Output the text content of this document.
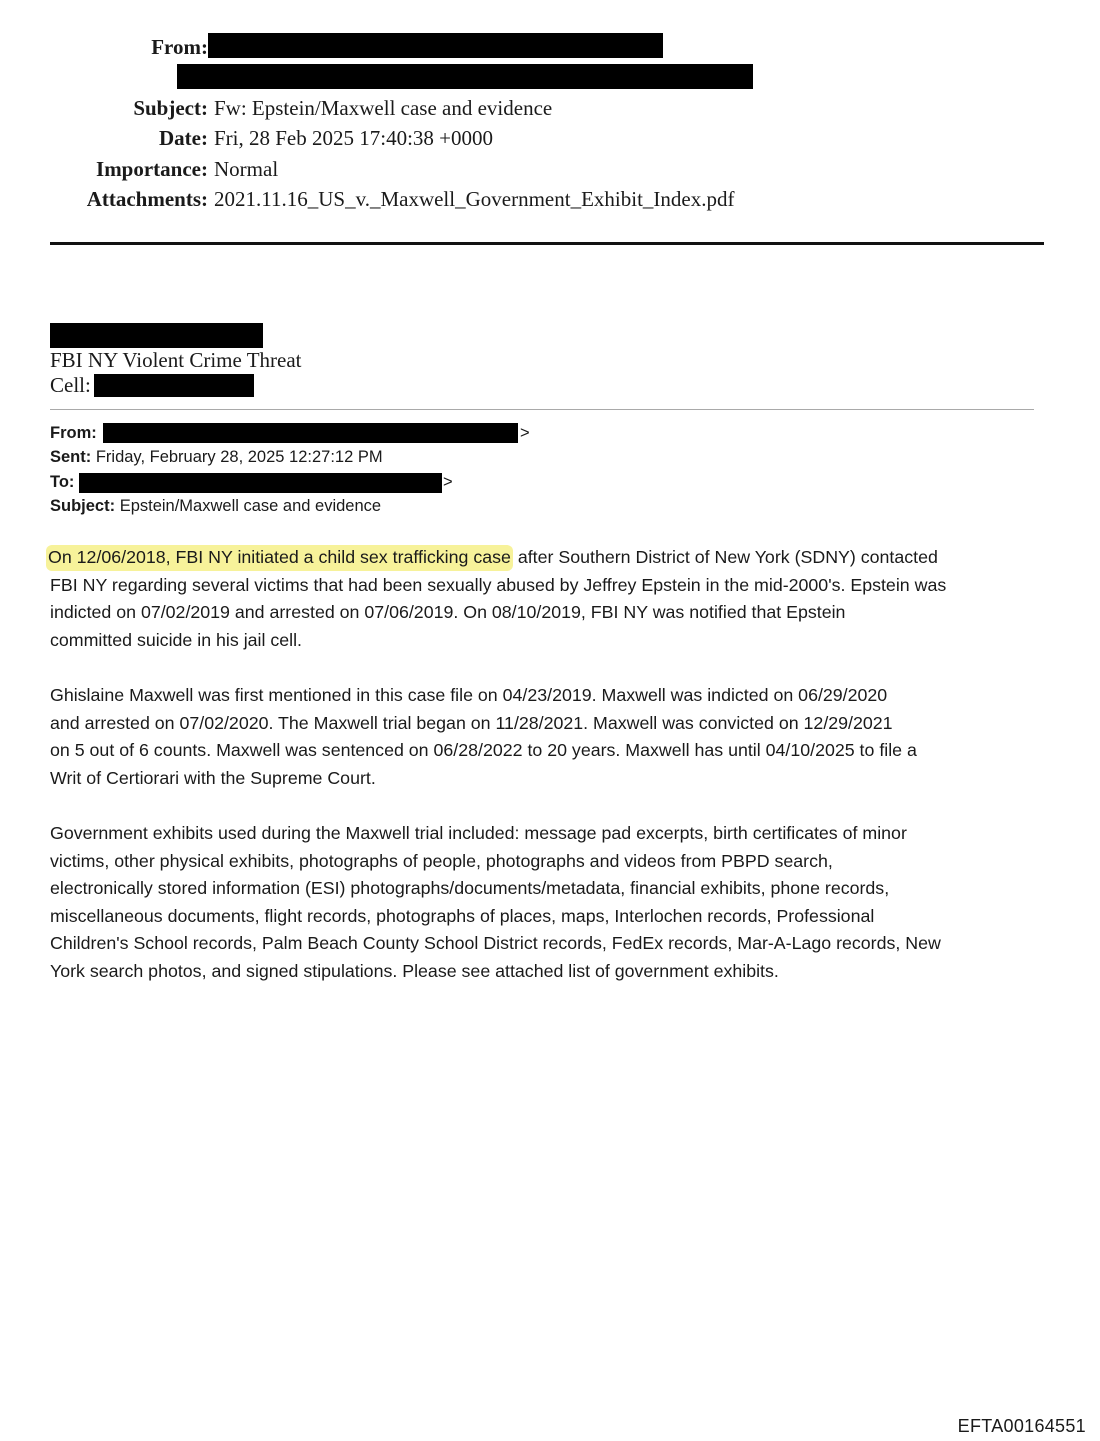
From:
Subject: Fw: Epstein/Maxwell case and evidence
Date: Fri, 28 Feb 2025 17:40:38 +0000
Importance: Normal
Attachments: 2021.11.16_US_v._Maxwell_Government_Exhibit_Index.pdf
FBI NY Violent Crime Threat
Cell:
From:	>
Sent: Friday, February 28, 2025 12:27:12 PM
To:	>
Subject: Epstein/Maxwell case and evidence
On 12/06/2018, FBI NY initiated a child sex trafficking case after Southern District of New York (SDNY) contacted
FBI NY regarding several victims that had been sexually abused by Jeffrey Epstein in the mid-2000's. Epstein was
indicted on 07/02/2019 and arrested on 07/06/2019. On 08/10/2019, FBI NY was notified that Epstein
committed suicide in his jail cell.
Ghislaine Maxwell was first mentioned in this case file on 04/23/2019. Maxwell was indicted on 06/29/2020
and arrested on 07/02/2020. The Maxwell trial began on 11/28/2021. Maxwell was convicted on 12/29/2021
on 5 out of 6 counts. Maxwell was sentenced on 06/28/2022 to 20 years. Maxwell has until 04/10/2025 to file a
Writ of Certiorari with the Supreme Court.
Government exhibits used during the Maxwell trial included: message pad excerpts, birth certificates of minor
victims, other physical exhibits, photographs of people, photographs and videos from PBPD search,
electronically stored information (ESI) photographs/documents/metadata, financial exhibits, phone records,
miscellaneous documents, flight records, photographs of places, maps, Interlochen records, Professional
Children's School records, Palm Beach County School District records, FedEx records, Mar-A-Lago records, New
York search photos, and signed stipulations. Please see attached list of government exhibits.
EFTA00164551
